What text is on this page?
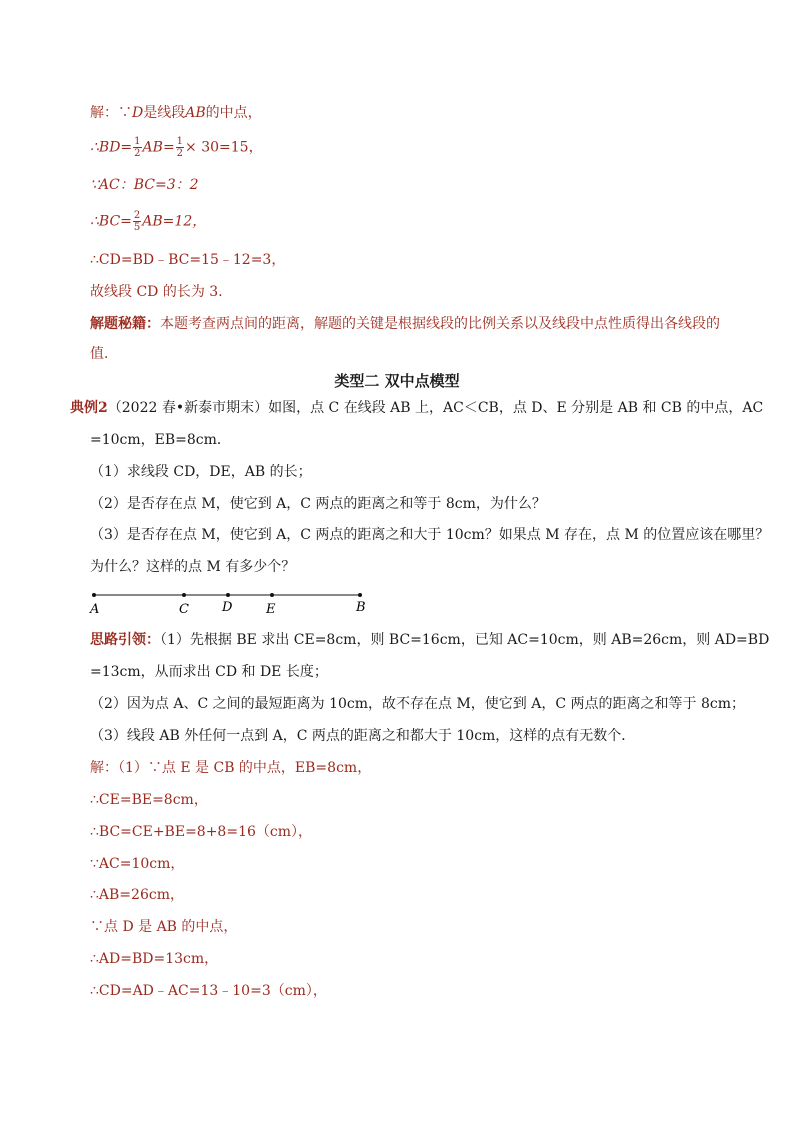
解：∵D是线段AB的中点，
∴BD= $\frac{1}{2} AB= \frac{1}{2} \times 30=15$，
∵AC：BC=3：2
∴BC= $\frac{2}{5} AB=12$，
∴CD=BD﹣BC=15﹣12=3，
故线段 CD 的长为 3．
解题秘籍：本题考查两点间的距离，解题的关键是根据线段的比例关系以及线段中点性质得出各线段的
值．
类型二 双中点模型
典例2（2022 春•新泰市期末）如图，点 C 在线段 AB 上，AC＜CB，点 D、E 分别是 AB 和 CB 的中点，AC
=10cm，EB=8cm．
（1）求线段 CD，DE，AB 的长；
（2）是否存在点 M，使它到 A，C 两点的距离之和等于 8cm，为什么？
（3）是否存在点 M，使它到 A，C 两点的距离之和大于 10cm？如果点 M 存在，点 M 的位置应该在哪里？
为什么？这样的点 M 有多少个？
A	C	D	E	B
思路引领：（1）先根据 BE 求出 CE=8cm，则 BC=16cm，已知 AC=10cm，则 AB=26cm，则 AD=BD
=13cm，从而求出 CD 和 DE 长度；
（2）因为点 A、C 之间的最短距离为 10cm，故不存在点 M，使它到 A，C 两点的距离之和等于 8cm；
（3）线段 AB 外任何一点到 A，C 两点的距离之和都大于 10cm，这样的点有无数个．
解：（1）∵点 E 是 CB 的中点，EB=8cm，
∴CE=BE=8cm，
∴BC=CE+BE=8+8=16（cm），
∵AC=10cm，
∴AB=26cm，
∵点 D 是 AB 的中点，
∴AD=BD=13cm，
∴CD=AD﹣AC=13﹣10=3（cm），
